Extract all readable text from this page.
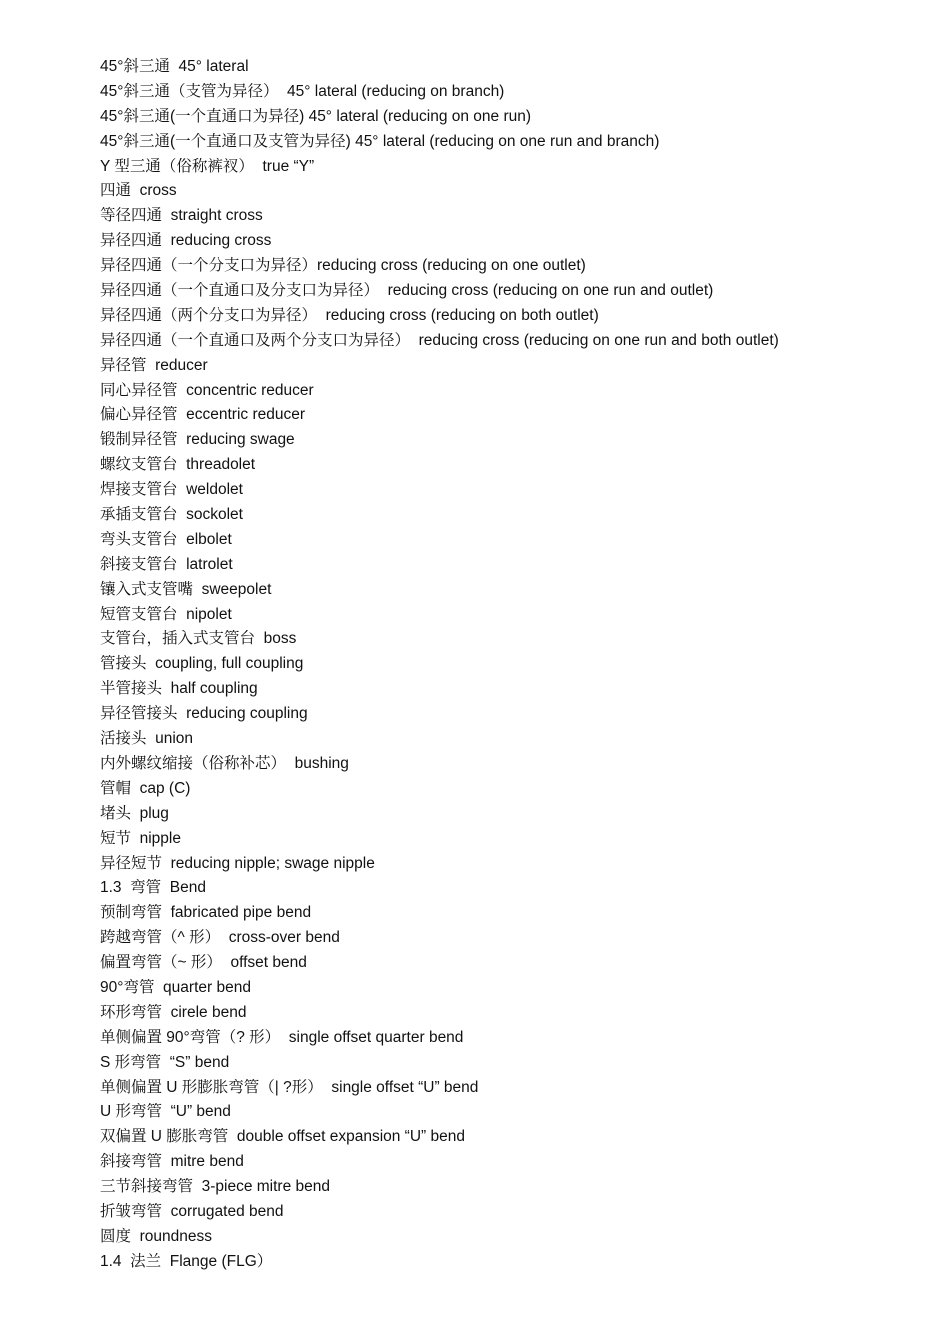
45°斜三通  45° lateral
45°斜三通（支管为异径）  45° lateral (reducing on branch)
45°斜三通(一个直通口为异径) 45° lateral (reducing on one run)
45°斜三通(一个直通口及支管为异径) 45° lateral (reducing on one run and branch)
Y 型三通（俗称裤衩）  true “Y”
四通  cross
等径四通  straight cross
异径四通  reducing cross
异径四通（一个分支口为异径）reducing cross (reducing on one outlet)
异径四通（一个直通口及分支口为异径）  reducing cross (reducing on one run and outlet)
异径四通（两个分支口为异径）  reducing cross (reducing on both outlet)
异径四通（一个直通口及两个分支口为异径）  reducing cross (reducing on one run and both outlet)
异径管  reducer
同心异径管  concentric reducer
偏心异径管  eccentric reducer
锻制异径管  reducing swage
螺纹支管台  threadolet
焊接支管台  weldolet
承插支管台  sockolet
弯头支管台  elbolet
斜接支管台  latrolet
镶入式支管嘴  sweepolet
短管支管台  nipolet
支管台，插入式支管台  boss
管接头  coupling, full coupling
半管接头  half coupling
异径管接头  reducing coupling
活接头  union
内外螺纹缩接（俗称补芯）  bushing
管帽  cap (C)
堵头  plug
短节  nipple
异径短节  reducing nipple; swage nipple
1.3  弯管  Bend
预制弯管  fabricated pipe bend
跨越弯管（^ 形）  cross-over bend
偏置弯管（~ 形）  offset bend
90°弯管  quarter bend
环形弯管  cirele bend
单侧偏置 90°弯管（? 形）  single offset quarter bend
S 形弯管  “S” bend
单侧偏置 U 形膨胀弯管（| ?形）  single offset “U” bend
U 形弯管  “U” bend
双偏置 U 膨胀弯管  double offset expansion “U” bend
斜接弯管  mitre bend
三节斜接弯管  3-piece mitre bend
折皱弯管  corrugated bend
圆度  roundness
1.4  法兰  Flange (FLG）
